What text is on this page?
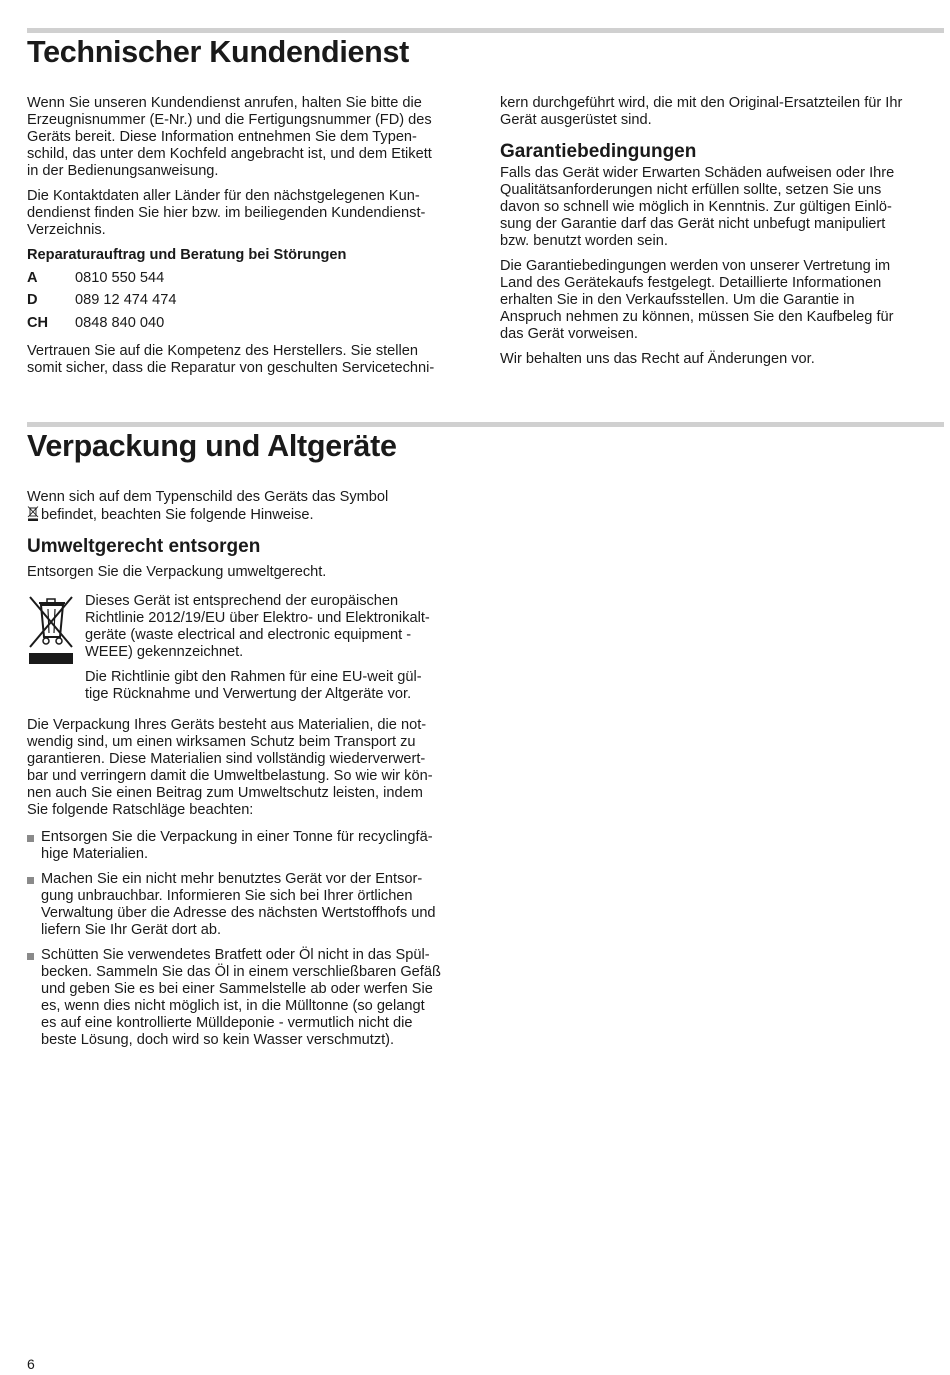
Technischer Kundendienst

Wenn Sie unseren Kundendienst anrufen, halten Sie bitte die
Erzeugnisnummer (E-Nr.) und die Fertigungsnummer (FD) des
Geräts bereit. Diese Information entnehmen Sie dem Typen-
schild, das unter dem Kochfeld angebracht ist, und dem Etikett
in der Bedienungsanweisung.

Die Kontaktdaten aller Länder für den nächstgelegenen Kun-
dendienst finden Sie hier bzw. im beiliegenden Kundendienst-
Verzeichnis.

Reparaturauftrag und Beratung bei Störungen
A	0810 550 544
D	089 12 474 474
CH	0848 840 040

Vertrauen Sie auf die Kompetenz des Herstellers. Sie stellen
somit sicher, dass die Reparatur von geschulten Servicetechni-

kern durchgeführt wird, die mit den Original-Ersatzteilen für Ihr
Gerät ausgerüstet sind.

Garantiebedingungen

Falls das Gerät wider Erwarten Schäden aufweisen oder Ihre
Qualitätsanforderungen nicht erfüllen sollte, setzen Sie uns
davon so schnell wie möglich in Kenntnis. Zur gültigen Einlö-
sung der Garantie darf das Gerät nicht unbefugt manipuliert
bzw. benutzt worden sein.

Die Garantiebedingungen werden von unserer Vertretung im
Land des Gerätekaufs festgelegt. Detaillierte Informationen
erhalten Sie in den Verkaufsstellen. Um die Garantie in
Anspruch nehmen zu können, müssen Sie den Kaufbeleg für
das Gerät vorweisen.

Wir behalten uns das Recht auf Änderungen vor.

Verpackung und Altgeräte

Wenn sich auf dem Typenschild des Geräts das Symbol
befindet, beachten Sie folgende Hinweise.

Umweltgerecht entsorgen

Entsorgen Sie die Verpackung umweltgerecht.

Dieses Gerät ist entsprechend der europäischen
Richtlinie 2012/19/EU über Elektro- und Elektronikalt-
geräte (waste electrical and electronic equipment -
WEEE) gekennzeichnet.

Die Richtlinie gibt den Rahmen für eine EU-weit gül-
tige Rücknahme und Verwertung der Altgeräte vor.

Die Verpackung Ihres Geräts besteht aus Materialien, die not-
wendig sind, um einen wirksamen Schutz beim Transport zu
garantieren. Diese Materialien sind vollständig wiederverwert-
bar und verringern damit die Umweltbelastung. So wie wir kön-
nen auch Sie einen Beitrag zum Umweltschutz leisten, indem
Sie folgende Ratschläge beachten:

Entsorgen Sie die Verpackung in einer Tonne für recyclingfä-
hige Materialien.
Machen Sie ein nicht mehr benutztes Gerät vor der Entsor-
gung unbrauchbar. Informieren Sie sich bei Ihrer örtlichen
Verwaltung über die Adresse des nächsten Wertstoffhofs und
liefern Sie Ihr Gerät dort ab.
Schütten Sie verwendetes Bratfett oder Öl nicht in das Spül-
becken. Sammeln Sie das Öl in einem verschließbaren Gefäß
und geben Sie es bei einer Sammelstelle ab oder werfen Sie
es, wenn dies nicht möglich ist, in die Mülltonne (so gelangt
es auf eine kontrollierte Mülldeponie - vermutlich nicht die
beste Lösung, doch wird so kein Wasser verschmutzt).
6
